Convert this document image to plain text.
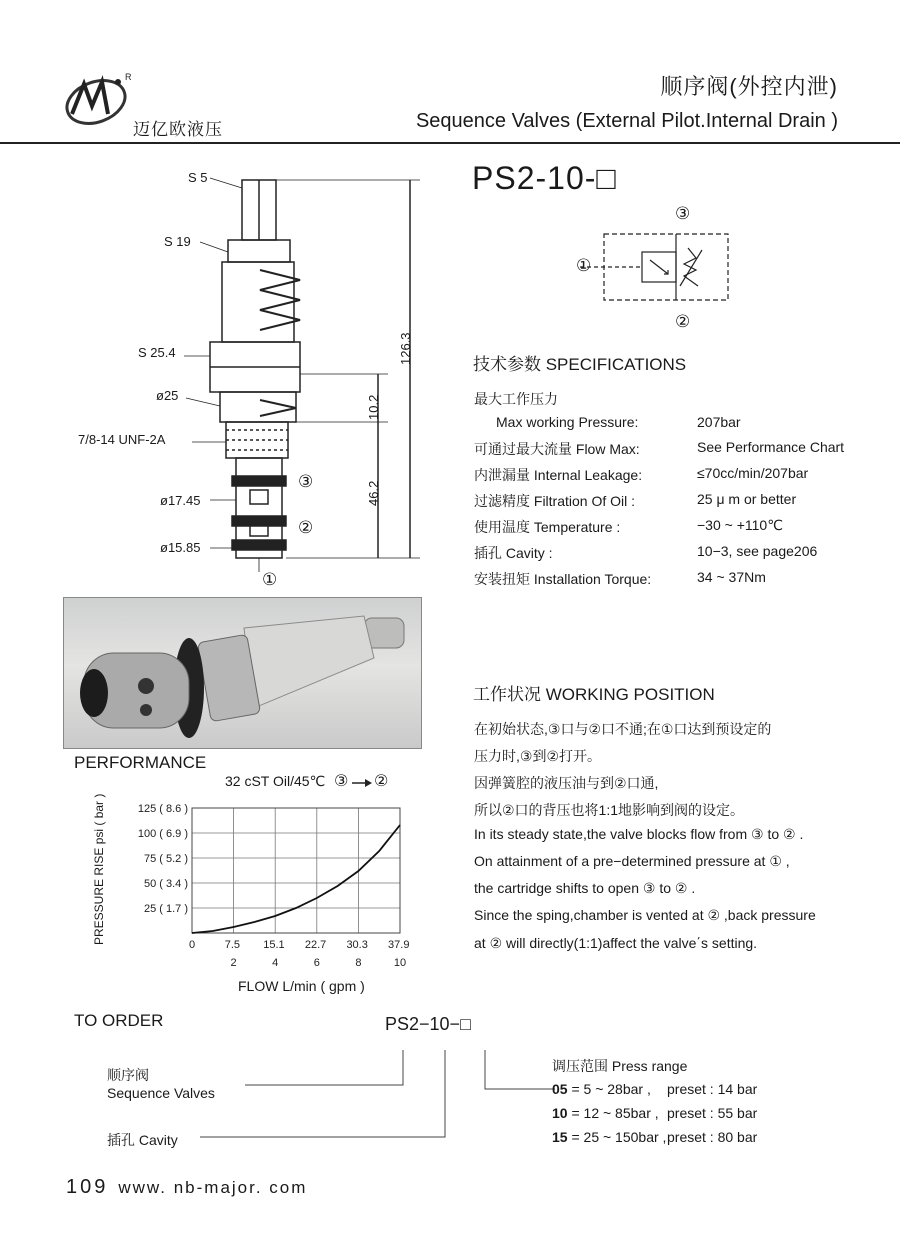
R
迈亿欧液压
顺序阀(外控内泄)
Sequence Valves (External Pilot.Internal Drain )
S 5
S 19
S 25.4
ø25
7/8-14 UNF-2A
ø17.45
ø15.85
126.3
10.2
46.2
③
②
①
PS2-10-□
③
①
②
技术参数 SPECIFICATIONS
最大工作压力
Max working Pressure:	207bar
可通过最大流量 Flow Max:	See Performance Chart
内泄漏量 Internal Leakage:	≤70cc/min/207bar
过滤精度 Filtration Of Oil :	25 μ m or better
使用温度 Temperature :	−30 ~ +110℃
插孔 Cavity :	10−3, see page206
安装扭矩 Installation Torque:	34 ~ 37Nm
工作状况 WORKING POSITION
在初始状态,③口与②口不通;在①口达到预设定的
压力时,③到②打开。
因弹簧腔的液压油与到②口通,
所以②口的背压也将1:1地影响到阀的设定。
In its steady state,the valve blocks flow from ③ to ② .
On attainment of a pre−determined pressure at ① ,
the cartridge shifts to open ③ to ② .
Since the sping,chamber is vented at ② ,back pressure
at ② will directly(1:1)affect the valve΄s setting.
PERFORMANCE
32 cST Oil/45℃ ③ ②
25 ( 1.7 )
50 ( 3.4 )
75 ( 5.2 )
100 ( 6.9 )
125 ( 8.6 )
0	7.5 15.1 22.7 30.3 37.9
2	4	6	8	10
PRESSURE RISE psi ( bar )
FLOW L/min ( gpm )
TO ORDER	PS2−10−□
顺序阀
Sequence Valves
插孔 Cavity
调压范围 Press range
05 = 5 ~ 28bar , preset : 14 bar
10 = 12 ~ 85bar , preset : 55 bar
15 = 25 ~ 150bar , preset : 80 bar
109 www. nb-major. com
